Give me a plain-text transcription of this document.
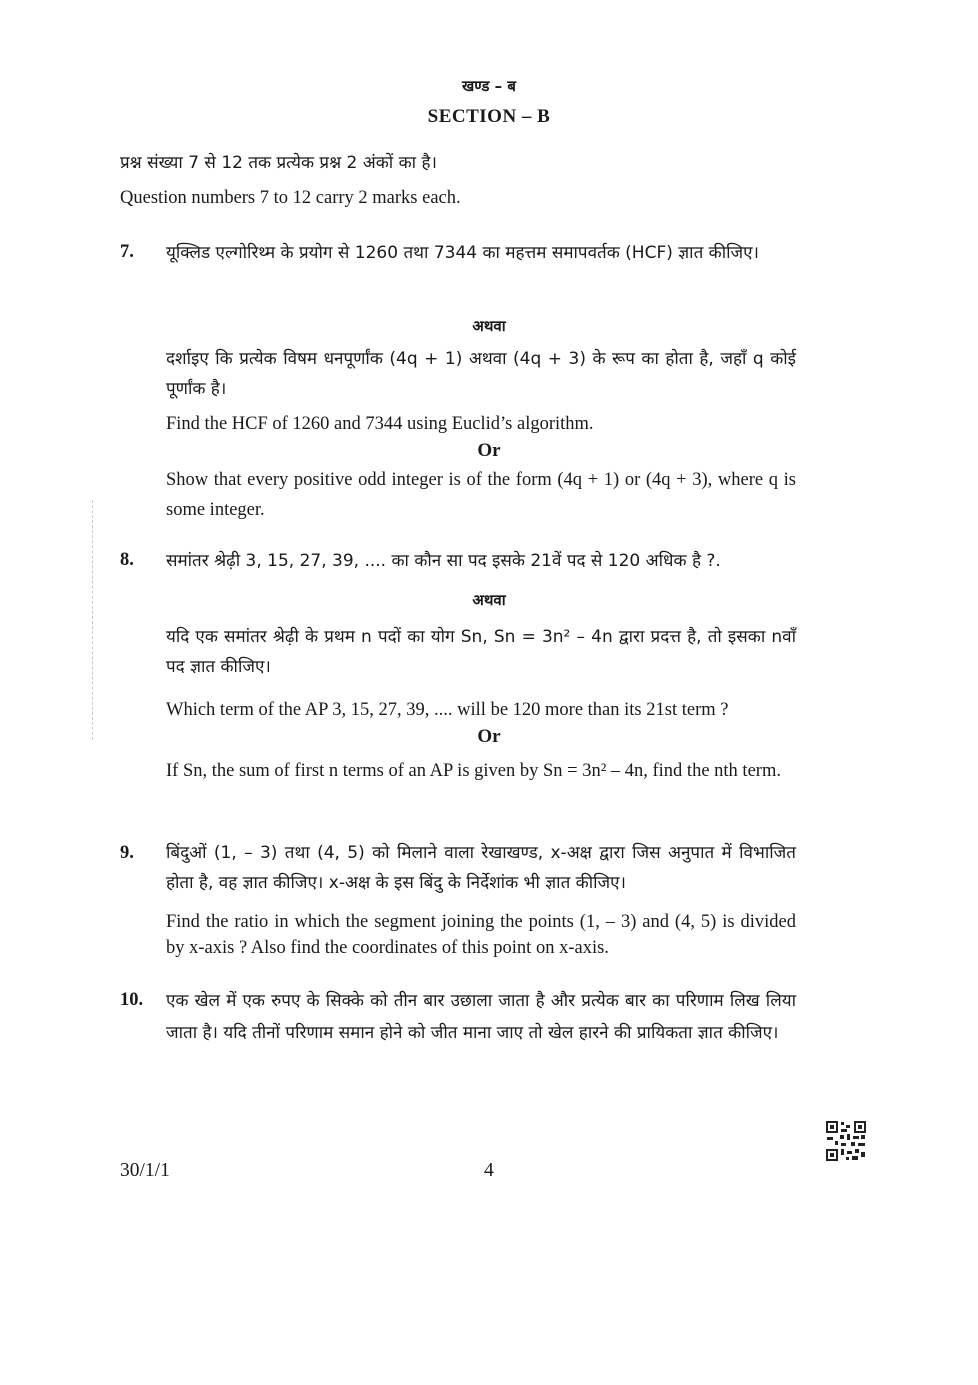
खण्ड – ब
SECTION – B
प्रश्न संख्या 7 से 12 तक प्रत्येक प्रश्न 2 अंकों का है।
Question numbers 7 to 12 carry 2 marks each.
7. यूक्लिड एल्गोरिथ्म के प्रयोग से 1260 तथा 7344 का महत्तम समापवर्तक (HCF) ज्ञात कीजिए।
अथवा
दर्शाइए कि प्रत्येक विषम धनपूर्णांक (4q + 1) अथवा (4q + 3) के रूप का होता है, जहाँ q कोई पूर्णांक है।
Find the HCF of 1260 and 7344 using Euclid’s algorithm.
Or
Show that every positive odd integer is of the form (4q + 1) or (4q + 3), where q is some integer.
8. समांतर श्रेढ़ी 3, 15, 27, 39, .... का कौन सा पद इसके 21वें पद से 120 अधिक है ?.
अथवा
यदि एक समांतर श्रेढ़ी के प्रथम n पदों का योग Sn, Sn = 3n² – 4n द्वारा प्रदत्त है, तो इसका nवाँ पद ज्ञात कीजिए।
Which term of the AP 3, 15, 27, 39, .... will be 120 more than its 21st term ?
Or
If Sn, the sum of first n terms of an AP is given by Sn = 3n² – 4n, find the nth term.
9. बिंदुओं (1, – 3) तथा (4, 5) को मिलाने वाला रेखाखण्ड, x-अक्ष द्वारा जिस अनुपात में विभाजित होता है, वह ज्ञात कीजिए। x-अक्ष के इस बिंदु के निर्देशांक भी ज्ञात कीजिए।
Find the ratio in which the segment joining the points (1, – 3) and (4, 5) is divided by x-axis ? Also find the coordinates of this point on x-axis.
10. एक खेल में एक रुपए के सिक्के को तीन बार उछाला जाता है और प्रत्येक बार का परिणाम लिख लिया जाता है। यदि तीनों परिणाम समान होने को जीत माना जाए तो खेल हारने की प्रायिकता ज्ञात कीजिए।
30/1/1	4
